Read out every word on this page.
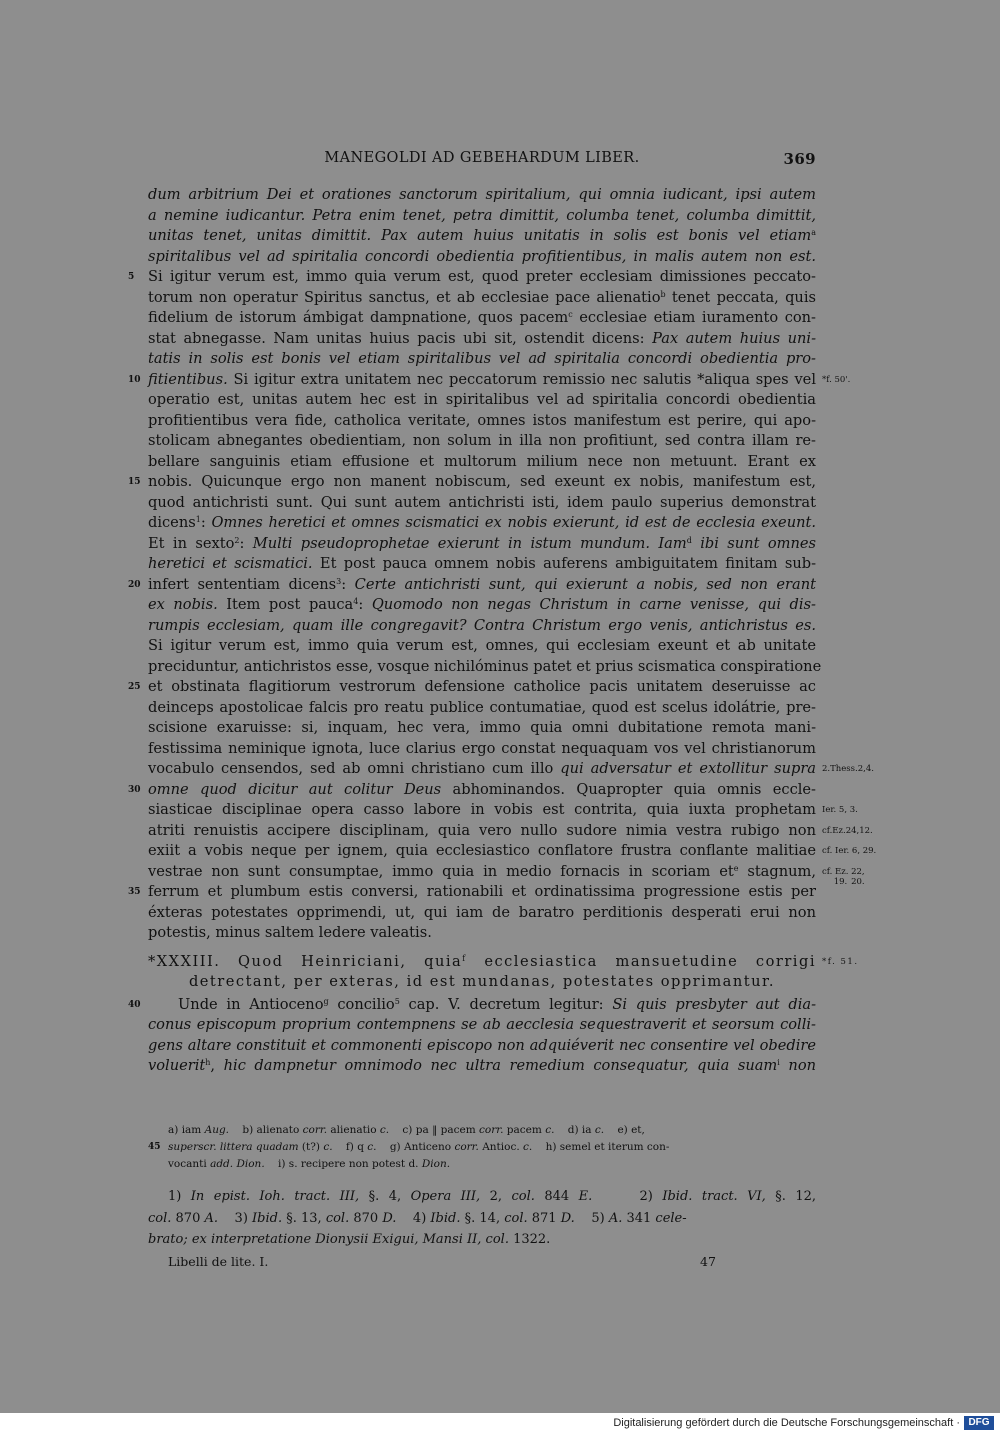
MANEGOLDI AD GEBEHARDUM LIBER.	369
dum arbitrium Dei et orationes sanctorum spiritalium, qui omnia iudicant, ipsi autem
a nemine iudicantur. Petra enim tenet, petra dimittit, columba tenet, columba dimittit,
unitas tenet, unitas dimittit. Pax autem huius unitatis in solis est bonis vel etiam$^a$
spiritalibus vel ad spiritalia concordi obedientia profitientibus, in malis autem non est.
5 Si igitur verum est, immo quia verum est, quod preter ecclesiam dimissiones peccato-
torum non operatur Spiritus sanctus, et ab ecclesiae pace alienatio$^b$ tenet peccata, quis
fidelium de istorum ámbigat dampnatione, quos pacem$^c$ ecclesiae etiam iuramento con-
stat abnegasse. Nam unitas huius pacis ubi sit, ostendit dicens: Pax autem huius uni-
tatis in solis est bonis vel etiam spiritalibus vel ad spiritalia concordi obedientia pro-
10 fitientibus. Si igitur extra unitatem nec peccatorum remissio nec salutis *aliqua spes vel *f. 50'.
operatio est, unitas autem hec est in spiritalibus vel ad spiritalia concordi obedientia
profitientibus vera fide, catholica veritate, omnes istos manifestum est perire, qui apo-
stolicam abnegantes obedientiam, non solum in illa non profitiunt, sed contra illam re-
bellare sanguinis etiam effusione et multorum milium nece non metuunt. Erant ex
15 nobis. Quicunque ergo non manent nobiscum, sed exeunt ex nobis, manifestum est,
quod antichristi sunt. Qui sunt autem antichristi isti, idem paulo superius demonstrat
dicens$^1$: Omnes heretici et omnes scismatici ex nobis exierunt, id est de ecclesia exeunt.
Et in sexto$^2$: Multi pseudoprophetae exierunt in istum mundum. Iam$^d$ ibi sunt omnes
heretici et scismatici. Et post pauca omnem nobis auferens ambiguitatem finitam sub-
20 infert sententiam dicens$^3$: Certe antichristi sunt, qui exierunt a nobis, sed non erant
ex nobis. Item post pauca$^4$: Quomodo non negas Christum in carne venisse, qui dis-
rumpis ecclesiam, quam ille congregavit? Contra Christum ergo venis, antichristus es.
Si igitur verum est, immo quia verum est, omnes, qui ecclesiam exeunt et ab unitate
preciduntur, antichristos esse, vosque nichilóminus patet et prius scismatica conspiratione
25 et obstinata flagitiorum vestrorum defensione catholice pacis unitatem deseruisse ac
deinceps apostolicae falcis pro reatu publice contumatiae, quod est scelus idolátrie, pre-
scisione exaruisse: si, inquam, hec vera, immo quia omni dubitatione remota mani-
festissima neminique ignota, luce clarius ergo constat nequaquam vos vel christianorum
vocabulo censendos, sed ab omni christiano cum illo qui adversatur et extollitur supra 2.Thess.2,4.
30 omne quod dicitur aut colitur Deus abhominandos. Quapropter quia omnis eccle-
siasticae disciplinae opera casso labore in vobis est contrita, quia iuxta prophetam Ier. 5, 3.
atriti renuistis accipere disciplinam, quia vero nullo sudore nimia vestra rubigo non cf.Ez.24,12.
exiit a vobis neque per ignem, quia ecclesiastico conflatore frustra conflante malitiae cf. Ier. 6, 29.
vestrae non sunt consumptae, immo quia in medio fornacis in scoriam $et^e$ stagnum, cf. Ez. 22,
19. 20.
35 ferrum et plumbum estis conversi, rationabili et ordinatissima progressione estis per
éxteras potestates opprimendi, ut, qui iam de baratro perditionis desperati erui non
potestis, minus saltem ledere valeatis.
*XXXIII. Quod Heinriciani, quia$^f$ ecclesiastica mansuetudine corrigi *f. 51.
detrectant, per exteras, id est mundanas, potestates opprimantur.
40	Unde in Antioceno$^g$ concilio$^5$ cap. V. decretum legitur: Si quis presbyter aut dia-
conus episcopum proprium contempnens se ab aecclesia sequestraverit et seorsum colli-
gens altare constituit et commonenti episcopo non adquiéverit nec consentire vel obedire
voluerit$^h$, hic dampnetur omnimodo nec ultra remedium consequatur, quia suam$^i$ non
a) iam Aug.    b) alienato corr. alienatio c.    c) pa ‖ pacem corr. pacem c.    d) ia c.    e) et,
45 superscr. littera quadam (t?) c.    f) q c.    g) Anticeno corr. Antioc. c.    h) semel et iterum con-
vocanti add. Dion.    i) s. recipere non potest d. Dion.
1) In epist. Ioh. tract. III, §. 4, Opera III, 2, col. 844 E.     2) Ibid. tract. VI, §. 12,
col. 870 A.    3) Ibid. §. 13, col. 870 D.    4) Ibid. §. 14, col. 871 D.    5) A. 341 cele-
brato; ex interpretatione Dionysii Exigui, Mansi II, col. 1322.
Libelli de lite. I.	47
Digitalisierung gefördert durch die Deutsche Forschungsgemeinschaft · DFG
